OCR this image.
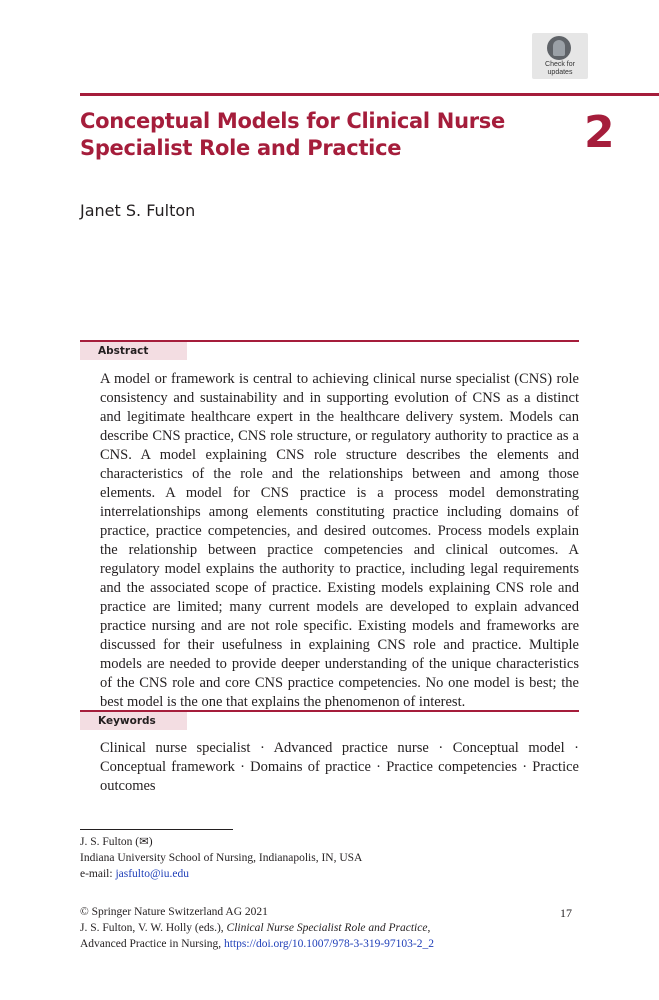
Check for
updates
Conceptual Models for Clinical Nurse Specialist Role and Practice	2
Janet S. Fulton
Abstract
A model or framework is central to achieving clinical nurse specialist (CNS) role consistency and sustainability and in supporting evolution of CNS as a distinct and legitimate healthcare expert in the healthcare delivery system. Models can describe CNS practice, CNS role structure, or regulatory authority to practice as a CNS. A model explaining CNS role structure describes the elements and characteristics of the role and the relationships between and among those elements. A model for CNS practice is a process model demonstrating interrelationships among elements constituting practice including domains of practice, practice competencies, and desired outcomes. Process models explain the relationship between practice competencies and clinical outcomes. A regulatory model explains the authority to practice, including legal requirements and the associated scope of practice. Existing models explaining CNS role and practice are limited; many current models are developed to explain advanced practice nursing and are not role specific. Existing models and frameworks are discussed for their usefulness in explaining CNS role and practice. Multiple models are needed to provide deeper understanding of the unique characteristics of the CNS role and core CNS practice competencies. No one model is best; the best model is the one that explains the phenomenon of interest.
Keywords
Clinical nurse specialist · Advanced practice nurse · Conceptual model · Conceptual framework · Domains of practice · Practice competencies · Practice outcomes
J. S. Fulton (✉)
Indiana University School of Nursing, Indianapolis, IN, USA
e-mail: jasfulto@iu.edu
© Springer Nature Switzerland AG 2021	17
J. S. Fulton, V. W. Holly (eds.), Clinical Nurse Specialist Role and Practice,
Advanced Practice in Nursing, https://doi.org/10.1007/978-3-319-97103-2_2
